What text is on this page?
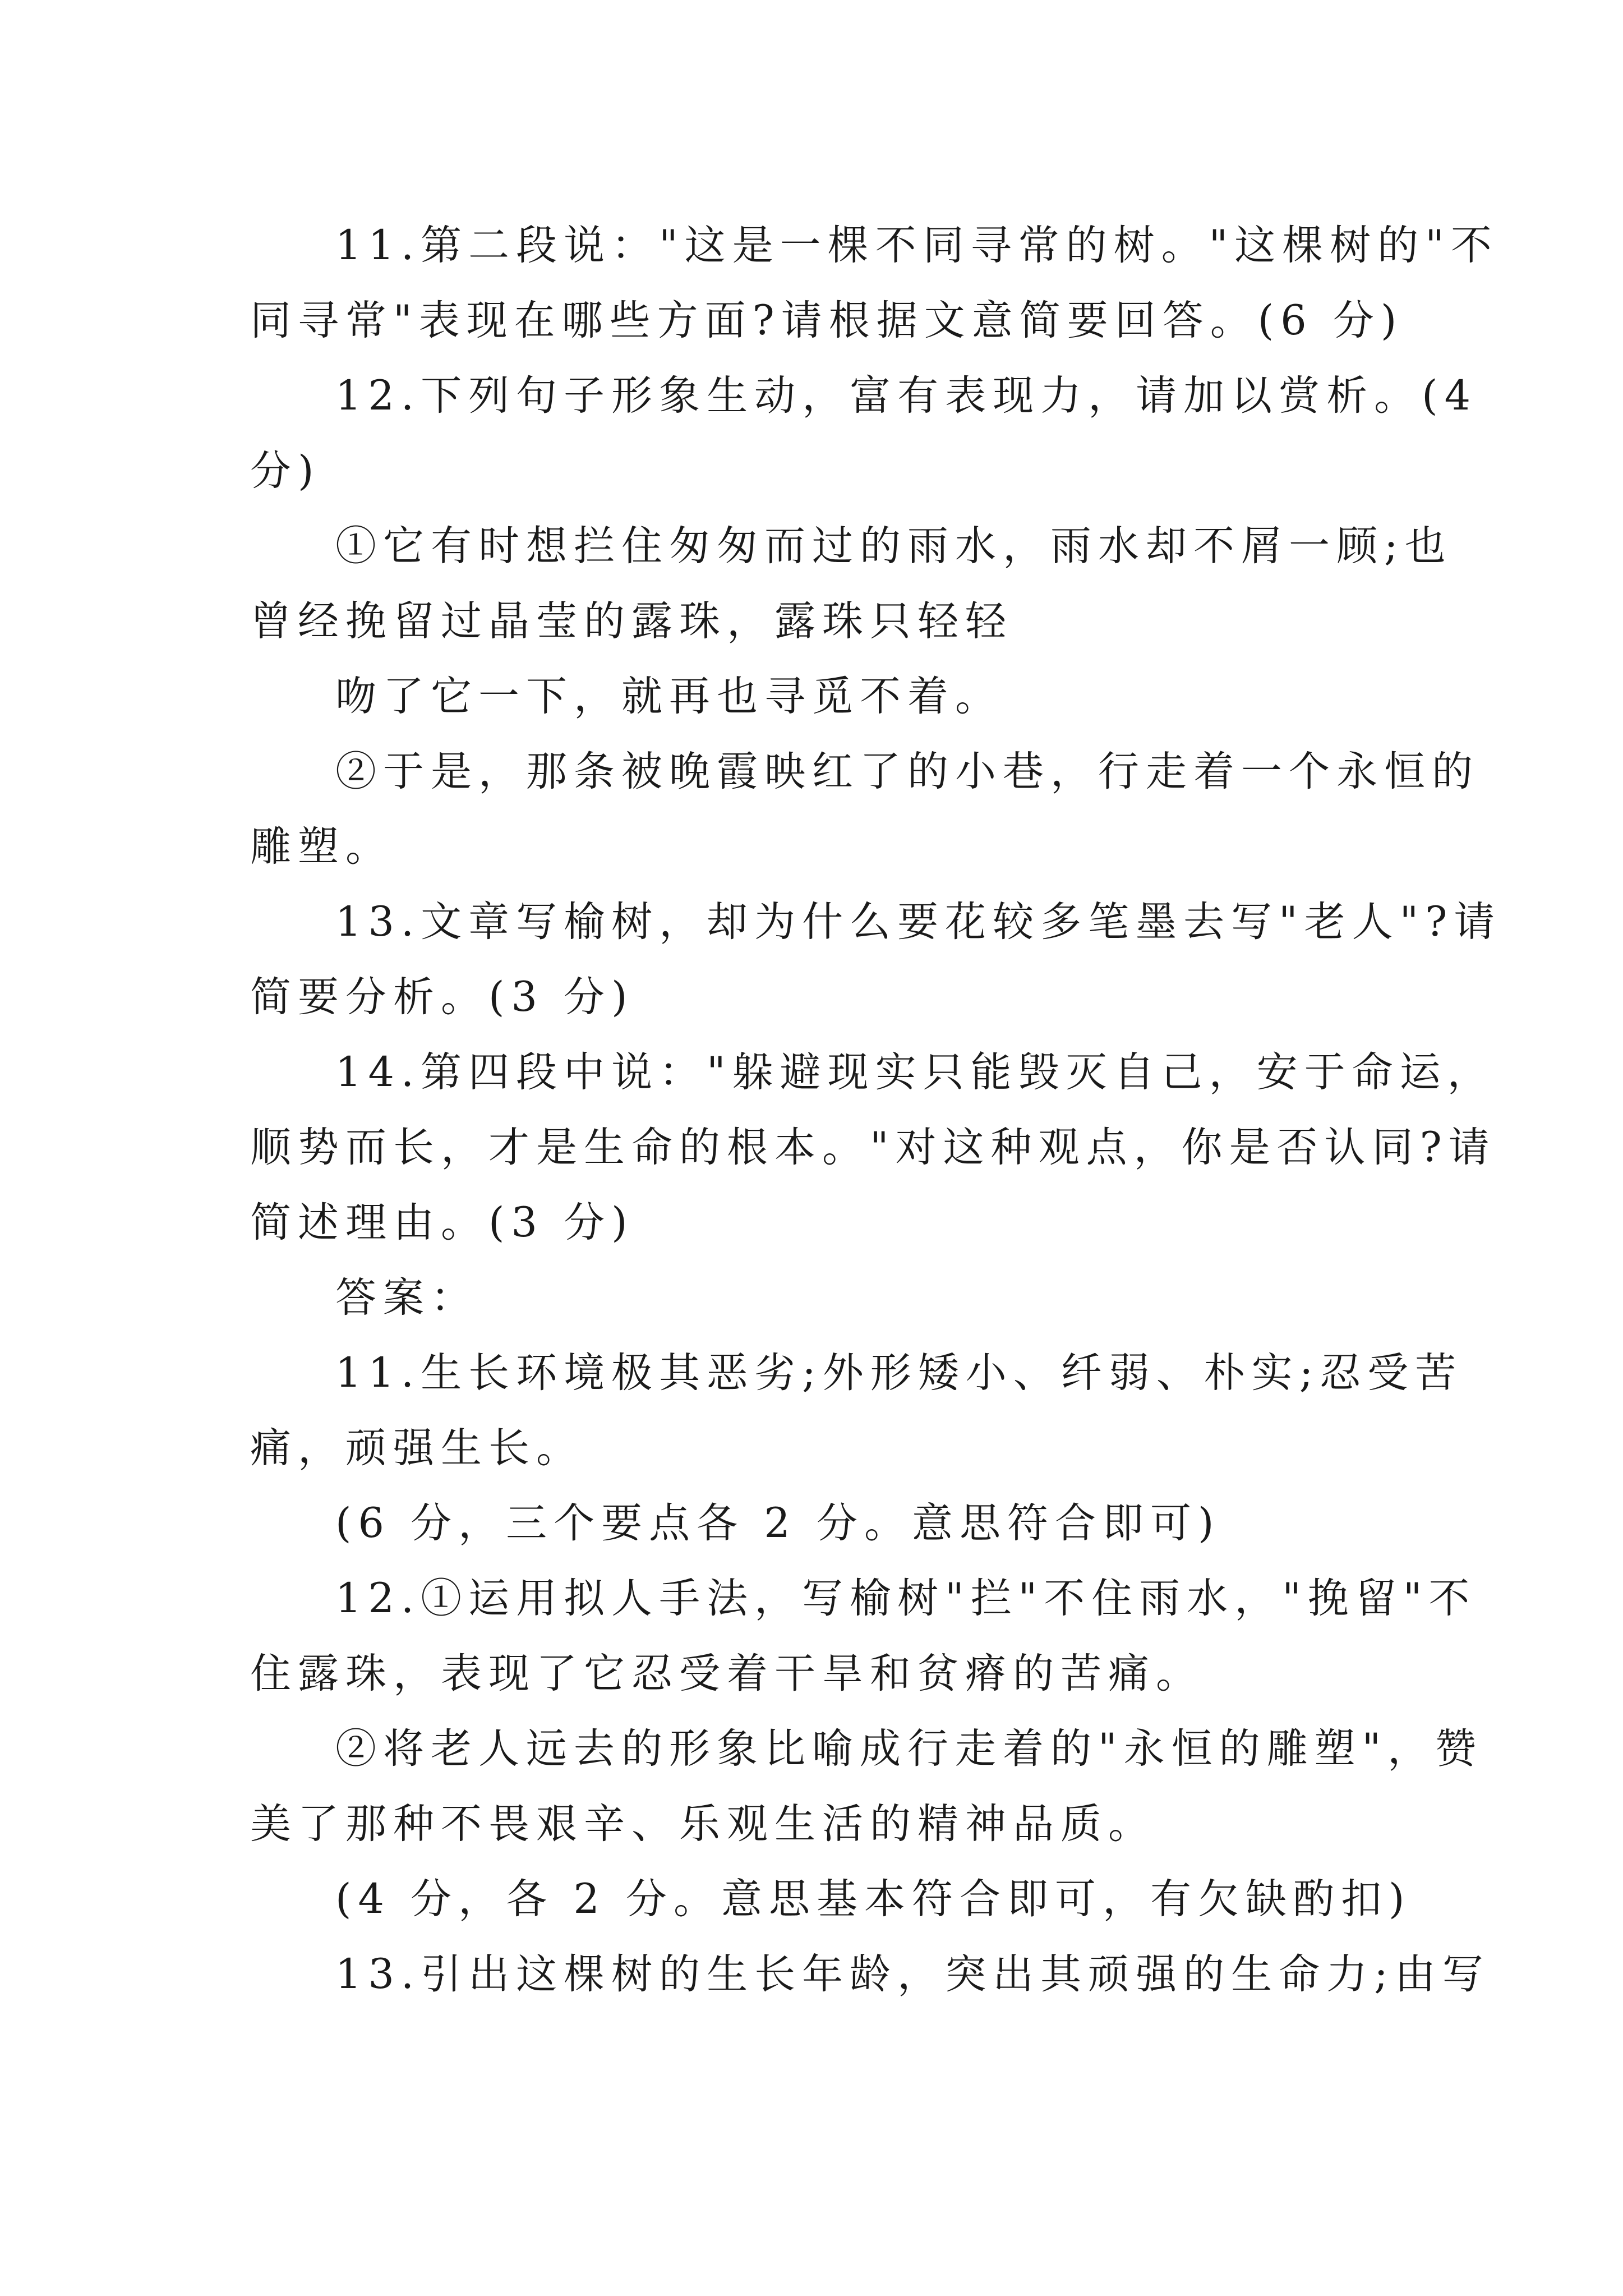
11.第二段说："这是一棵不同寻常的树。"这棵树的"不
同寻常"表现在哪些方面?请根据文意简要回答。(6 分)
12.下列句子形象生动，富有表现力，请加以赏析。(4
分)
①它有时想拦住匆匆而过的雨水，雨水却不屑一顾;也
曾经挽留过晶莹的露珠，露珠只轻轻
吻了它一下，就再也寻觅不着。
②于是，那条被晚霞映红了的小巷，行走着一个永恒的
雕塑。
13.文章写榆树，却为什么要花较多笔墨去写"老人"?请
简要分析。(3 分)
14.第四段中说："躲避现实只能毁灭自己，安于命运，
顺势而长，才是生命的根本。"对这种观点，你是否认同?请
简述理由。(3 分)
答案：
11.生长环境极其恶劣;外形矮小、纤弱、朴实;忍受苦
痛，顽强生长。
(6 分，三个要点各 2 分。意思符合即可)
12.①运用拟人手法，写榆树"拦"不住雨水，"挽留"不
住露珠，表现了它忍受着干旱和贫瘠的苦痛。
②将老人远去的形象比喻成行走着的"永恒的雕塑"，赞
美了那种不畏艰辛、乐观生活的精神品质。
(4 分，各 2 分。意思基本符合即可，有欠缺酌扣)
13.引出这棵树的生长年龄，突出其顽强的生命力;由写
